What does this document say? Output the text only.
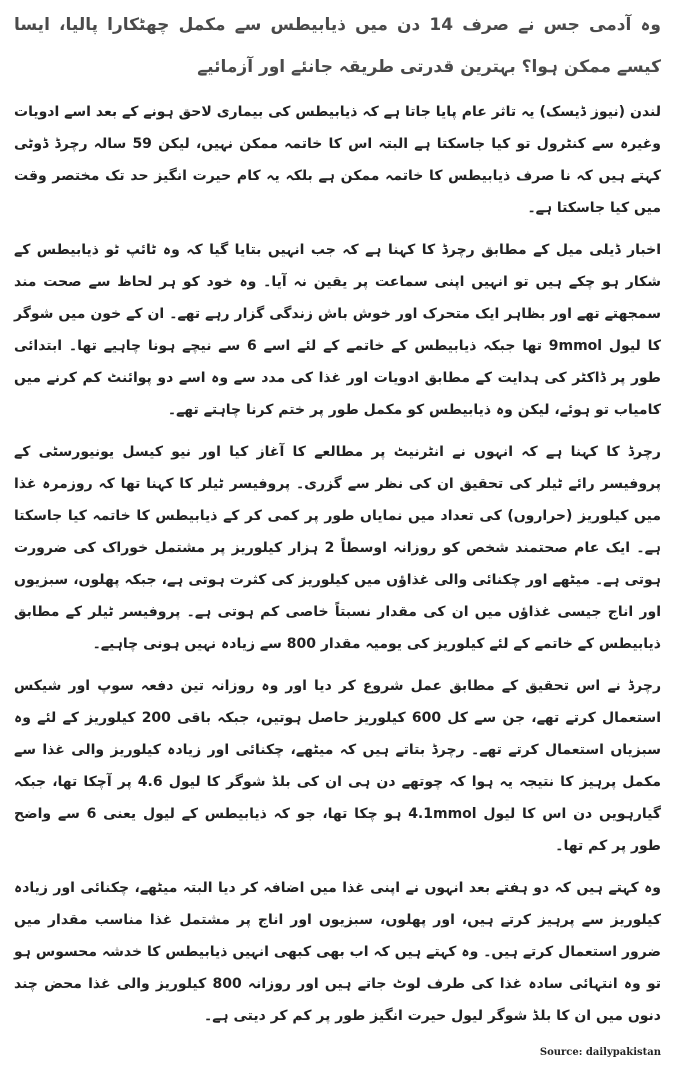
وہ آدمی جس نے صرف 14 دن میں ذیابیطس سے مکمل چھٹکارا پالیا، ایسا کیسے ممکن ہوا؟ بہترین قدرتی طریقہ جانئے اور آزمائیے

لندن (نیوز ڈیسک) یہ تاثر عام پایا جاتا ہے کہ ذیابیطس کی بیماری لاحق ہونے کے بعد اسے ادویات وغیرہ سے کنٹرول تو کیا جاسکتا ہے البتہ اس کا خاتمہ ممکن نہیں، لیکن 59 سالہ رچرڈ ڈوٹی کہتے ہیں کہ نا صرف ذیابیطس کا خاتمہ ممکن ہے بلکہ یہ کام حیرت انگیز حد تک مختصر وقت میں کیا جاسکتا ہے۔

اخبار ڈیلی میل کے مطابق رچرڈ کا کہنا ہے کہ جب انہیں بتایا گیا کہ وہ ٹائپ ٹو ذیابیطس کے شکار ہو چکے ہیں تو انہیں اپنی سماعت پر یقین نہ آیا۔ وہ خود کو ہر لحاظ سے صحت مند سمجھتے تھے اور بظاہر ایک متحرک اور خوش باش زندگی گزار رہے تھے۔ ان کے خون میں شوگر کا لیول 9mmol تھا جبکہ ذیابیطس کے خاتمے کے لئے اسے 6 سے نیچے ہونا چاہیے تھا۔ ابتدائی طور پر ڈاکٹر کی ہدایت کے مطابق ادویات اور غذا کی مدد سے وہ اسے دو پوائنٹ کم کرنے میں کامیاب تو ہوئے، لیکن وہ ذیابیطس کو مکمل طور پر ختم کرنا چاہتے تھے۔

رچرڈ کا کہنا ہے کہ انہوں نے انٹرنیٹ پر مطالعے کا آغاز کیا اور نیو کیسل یونیورسٹی کے پروفیسر رائے ٹیلر کی تحقیق ان کی نظر سے گزری۔ پروفیسر ٹیلر کا کہنا تھا کہ روزمرہ غذا میں کیلوریز (حراروں) کی تعداد میں نمایاں طور پر کمی کر کے ذیابیطس کا خاتمہ کیا جاسکتا ہے۔ ایک عام صحتمند شخص کو روزانہ اوسطاً 2 ہزار کیلوریز پر مشتمل خوراک کی ضرورت ہوتی ہے۔ میٹھے اور چکنائی والی غذاؤں میں کیلوریز کی کثرت ہوتی ہے، جبکہ پھلوں، سبزیوں اور اناج جیسی غذاؤں میں ان کی مقدار نسبتاً خاصی کم ہوتی ہے۔ پروفیسر ٹیلر کے مطابق ذیابیطس کے خاتمے کے لئے کیلوریز کی یومیہ مقدار 800 سے زیادہ نہیں ہونی چاہیے۔

رچرڈ نے اس تحقیق کے مطابق عمل شروع کر دیا اور وہ روزانہ تین دفعہ سوپ اور شیکس استعمال کرتے تھے، جن سے کل 600 کیلوریز حاصل ہوتیں، جبکہ باقی 200 کیلوریز کے لئے وہ سبزیاں استعمال کرتے تھے۔ رچرڈ بتاتے ہیں کہ میٹھے، چکنائی اور زیادہ کیلوریز والی غذا سے مکمل پرہیز کا نتیجہ یہ ہوا کہ چوتھے دن ہی ان کی بلڈ شوگر کا لیول 4.6 پر آچکا تھا، جبکہ گیارہویں دن اس کا لیول 4.1mmol ہو چکا تھا، جو کہ ذیابیطس کے لیول یعنی 6 سے واضح طور پر کم تھا۔

وہ کہتے ہیں کہ دو ہفتے بعد انہوں نے اپنی غذا میں اضافہ کر دیا البتہ میٹھے، چکنائی اور زیادہ کیلوریز سے پرہیز کرتے ہیں، اور پھلوں، سبزیوں اور اناج پر مشتمل غذا مناسب مقدار میں ضرور استعمال کرتے ہیں۔ وہ کہتے ہیں کہ اب بھی کبھی انہیں ذیابیطس کا خدشہ محسوس ہو تو وہ انتہائی سادہ غذا کی طرف لوٹ جاتے ہیں اور روزانہ 800 کیلوریز والی غذا محض چند دنوں میں ان کا بلڈ شوگر لیول حیرت انگیز طور پر کم کر دیتی ہے۔

Source: dailypakistan
